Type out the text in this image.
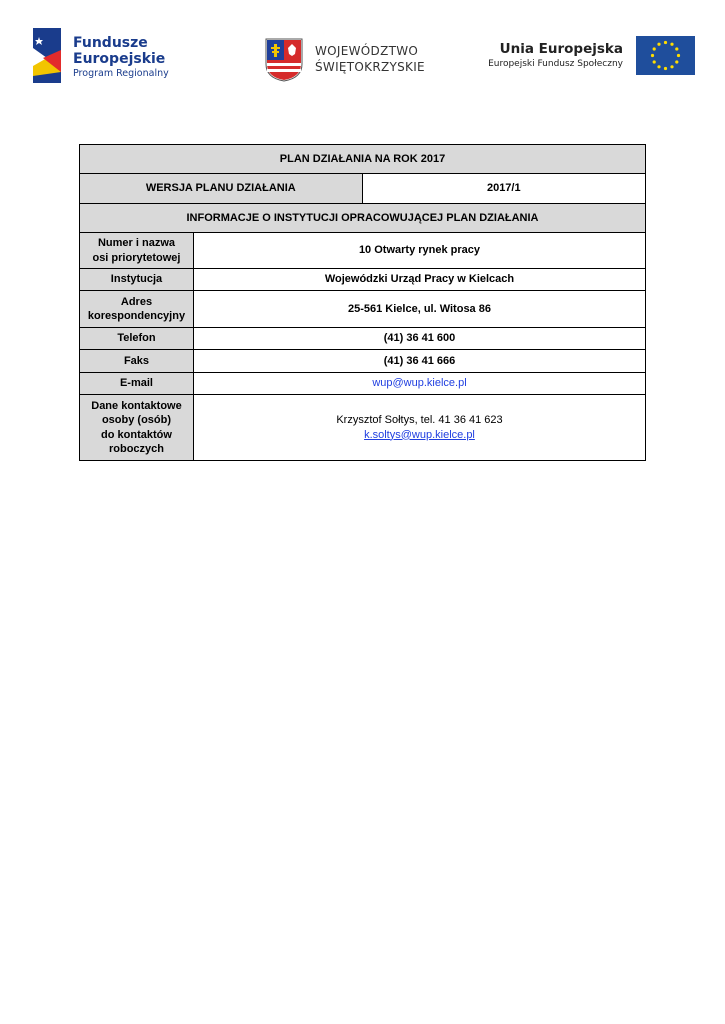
Fundusze
Europejskie
Program Regionalny
WOJEWÓDZTWO
ŚWIĘTOKRZYSKIE
Unia Europejska
Europejski Fundusz Społeczny
PLAN DZIAŁANIA NA ROK 2017		
WERSJA PLANU DZIAŁANIA		2017/1
INFORMACJE O INSTYTUCJI OPRACOWUJĄCEJ PLAN DZIAŁANIA		
Numer i nazwa
osi priorytetowej	10 Otwarty rynek pracy	
Instytucja	Wojewódzki Urząd Pracy w Kielcach	
Adres
korespondencyjny	25-561 Kielce, ul. Witosa 86	
Telefon	(41) 36 41 600	
Faks	(41) 36 41 666	
E-mail	wup@wup.kielce.pl	
Dane kontaktowe
osoby (osób)
do kontaktów
roboczych	Krzysztof Sołtys, tel. 41 36 41 623
k.soltys@wup.kielce.pl	
